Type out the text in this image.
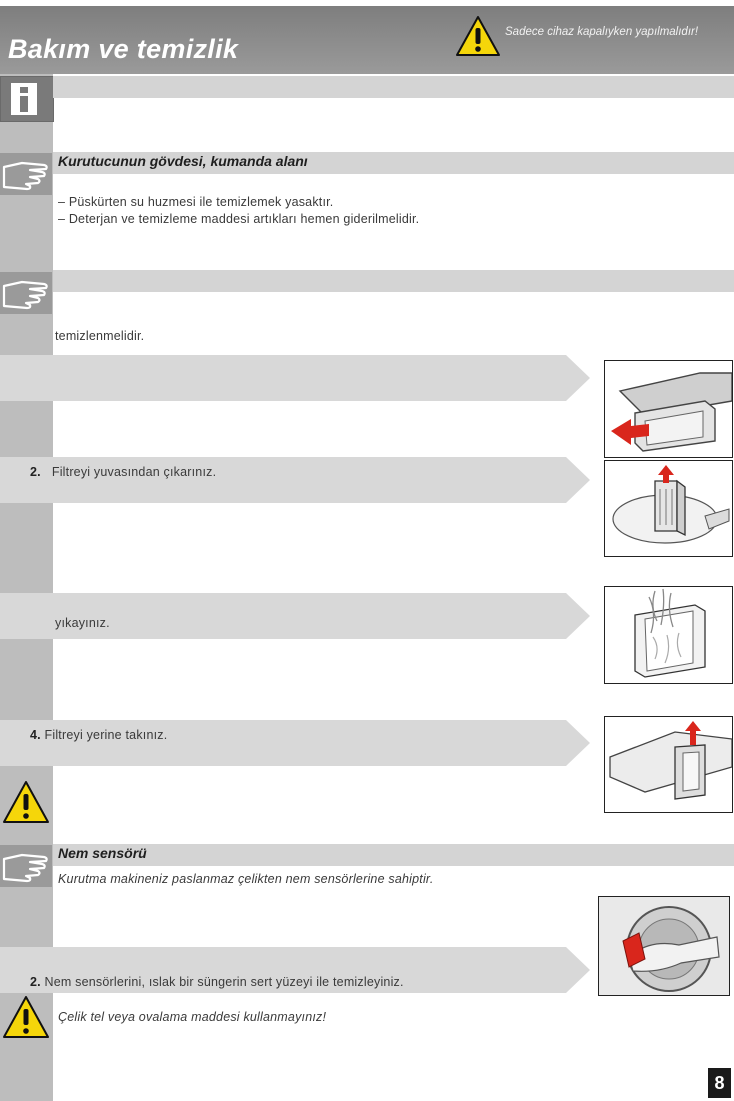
Bakım ve temizlik
Sadece cihaz kapalıyken yapılmalıdır!
Kurutucunun gövdesi, kumanda alanı
– Püskürten su huzmesi ile temizlemek yasaktır.
– Deterjan ve temizleme maddesi artıkları hemen giderilmelidir.
temizlenmelidir.
2. Filtreyi yuvasından çıkarınız.
yıkayınız.
4. Filtreyi yerine takınız.
Nem sensörü
Kurutma makineniz paslanmaz çelikten nem sensörlerine sahiptir.
2. Nem sensörlerini, ıslak bir süngerin sert yüzeyi ile temizleyiniz.
Çelik tel veya ovalama maddesi kullanmayınız!
8
